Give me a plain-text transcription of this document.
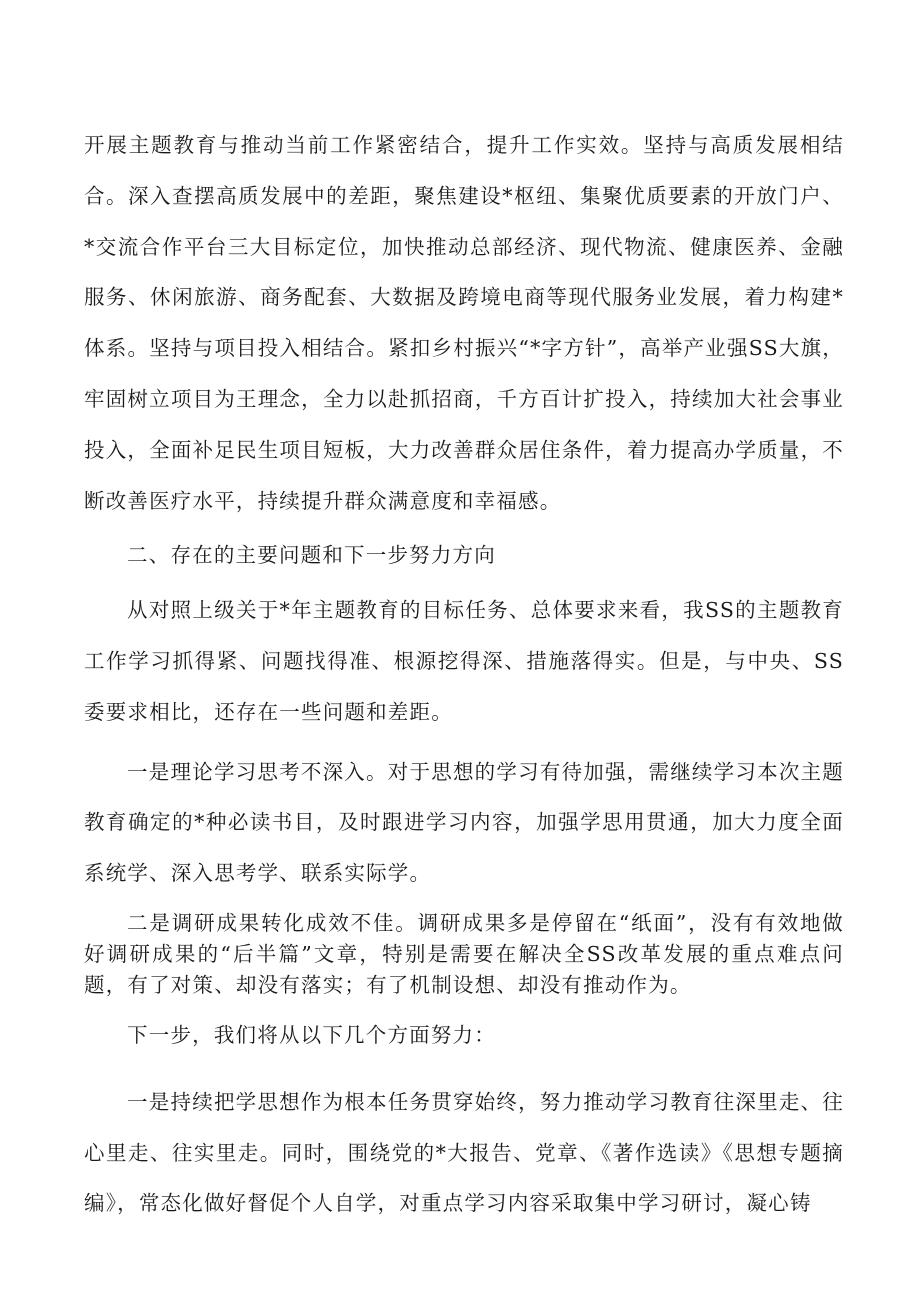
开展主题教育与推动当前工作紧密结合，提升工作实效。坚持与高质发展相结合。深入查摆高质发展中的差距，聚焦建设*枢纽、集聚优质要素的开放门户、*交流合作平台三大目标定位，加快推动总部经济、现代物流、健康医养、金融服务、休闲旅游、商务配套、大数据及跨境电商等现代服务业发展，着力构建*体系。坚持与项目投入相结合。紧扣乡村振兴“*字方针”，高举产业强SS大旗，牢固树立项目为王理念，全力以赴抓招商，千方百计扩投入，持续加大社会事业投入，全面补足民生项目短板，大力改善群众居住条件，着力提高办学质量，不断改善医疗水平，持续提升群众满意度和幸福感。

二、存在的主要问题和下一步努力方向

从对照上级关于*年主题教育的目标任务、总体要求来看，我SS的主题教育工作学习抓得紧、问题找得准、根源挖得深、措施落得实。但是，与中央、SS委要求相比，还存在一些问题和差距。

一是理论学习思考不深入。对于思想的学习有待加强，需继续学习本次主题教育确定的*种必读书目，及时跟进学习内容，加强学思用贯通，加大力度全面系统学、深入思考学、联系实际学。

二是调研成果转化成效不佳。调研成果多是停留在“纸面”，没有有效地做好调研成果的“后半篇”文章，特别是需要在解决全SS改革发展的重点难点问题，有了对策、却没有落实；有了机制设想、却没有推动作为。

下一步，我们将从以下几个方面努力：

一是持续把学思想作为根本任务贯穿始终，努力推动学习教育往深里走、往心里走、往实里走。同时，围绕党的*大报告、党章、《著作选读》《思想专题摘编》，常态化做好督促个人自学，对重点学习内容采取集中学习研讨，凝心铸
